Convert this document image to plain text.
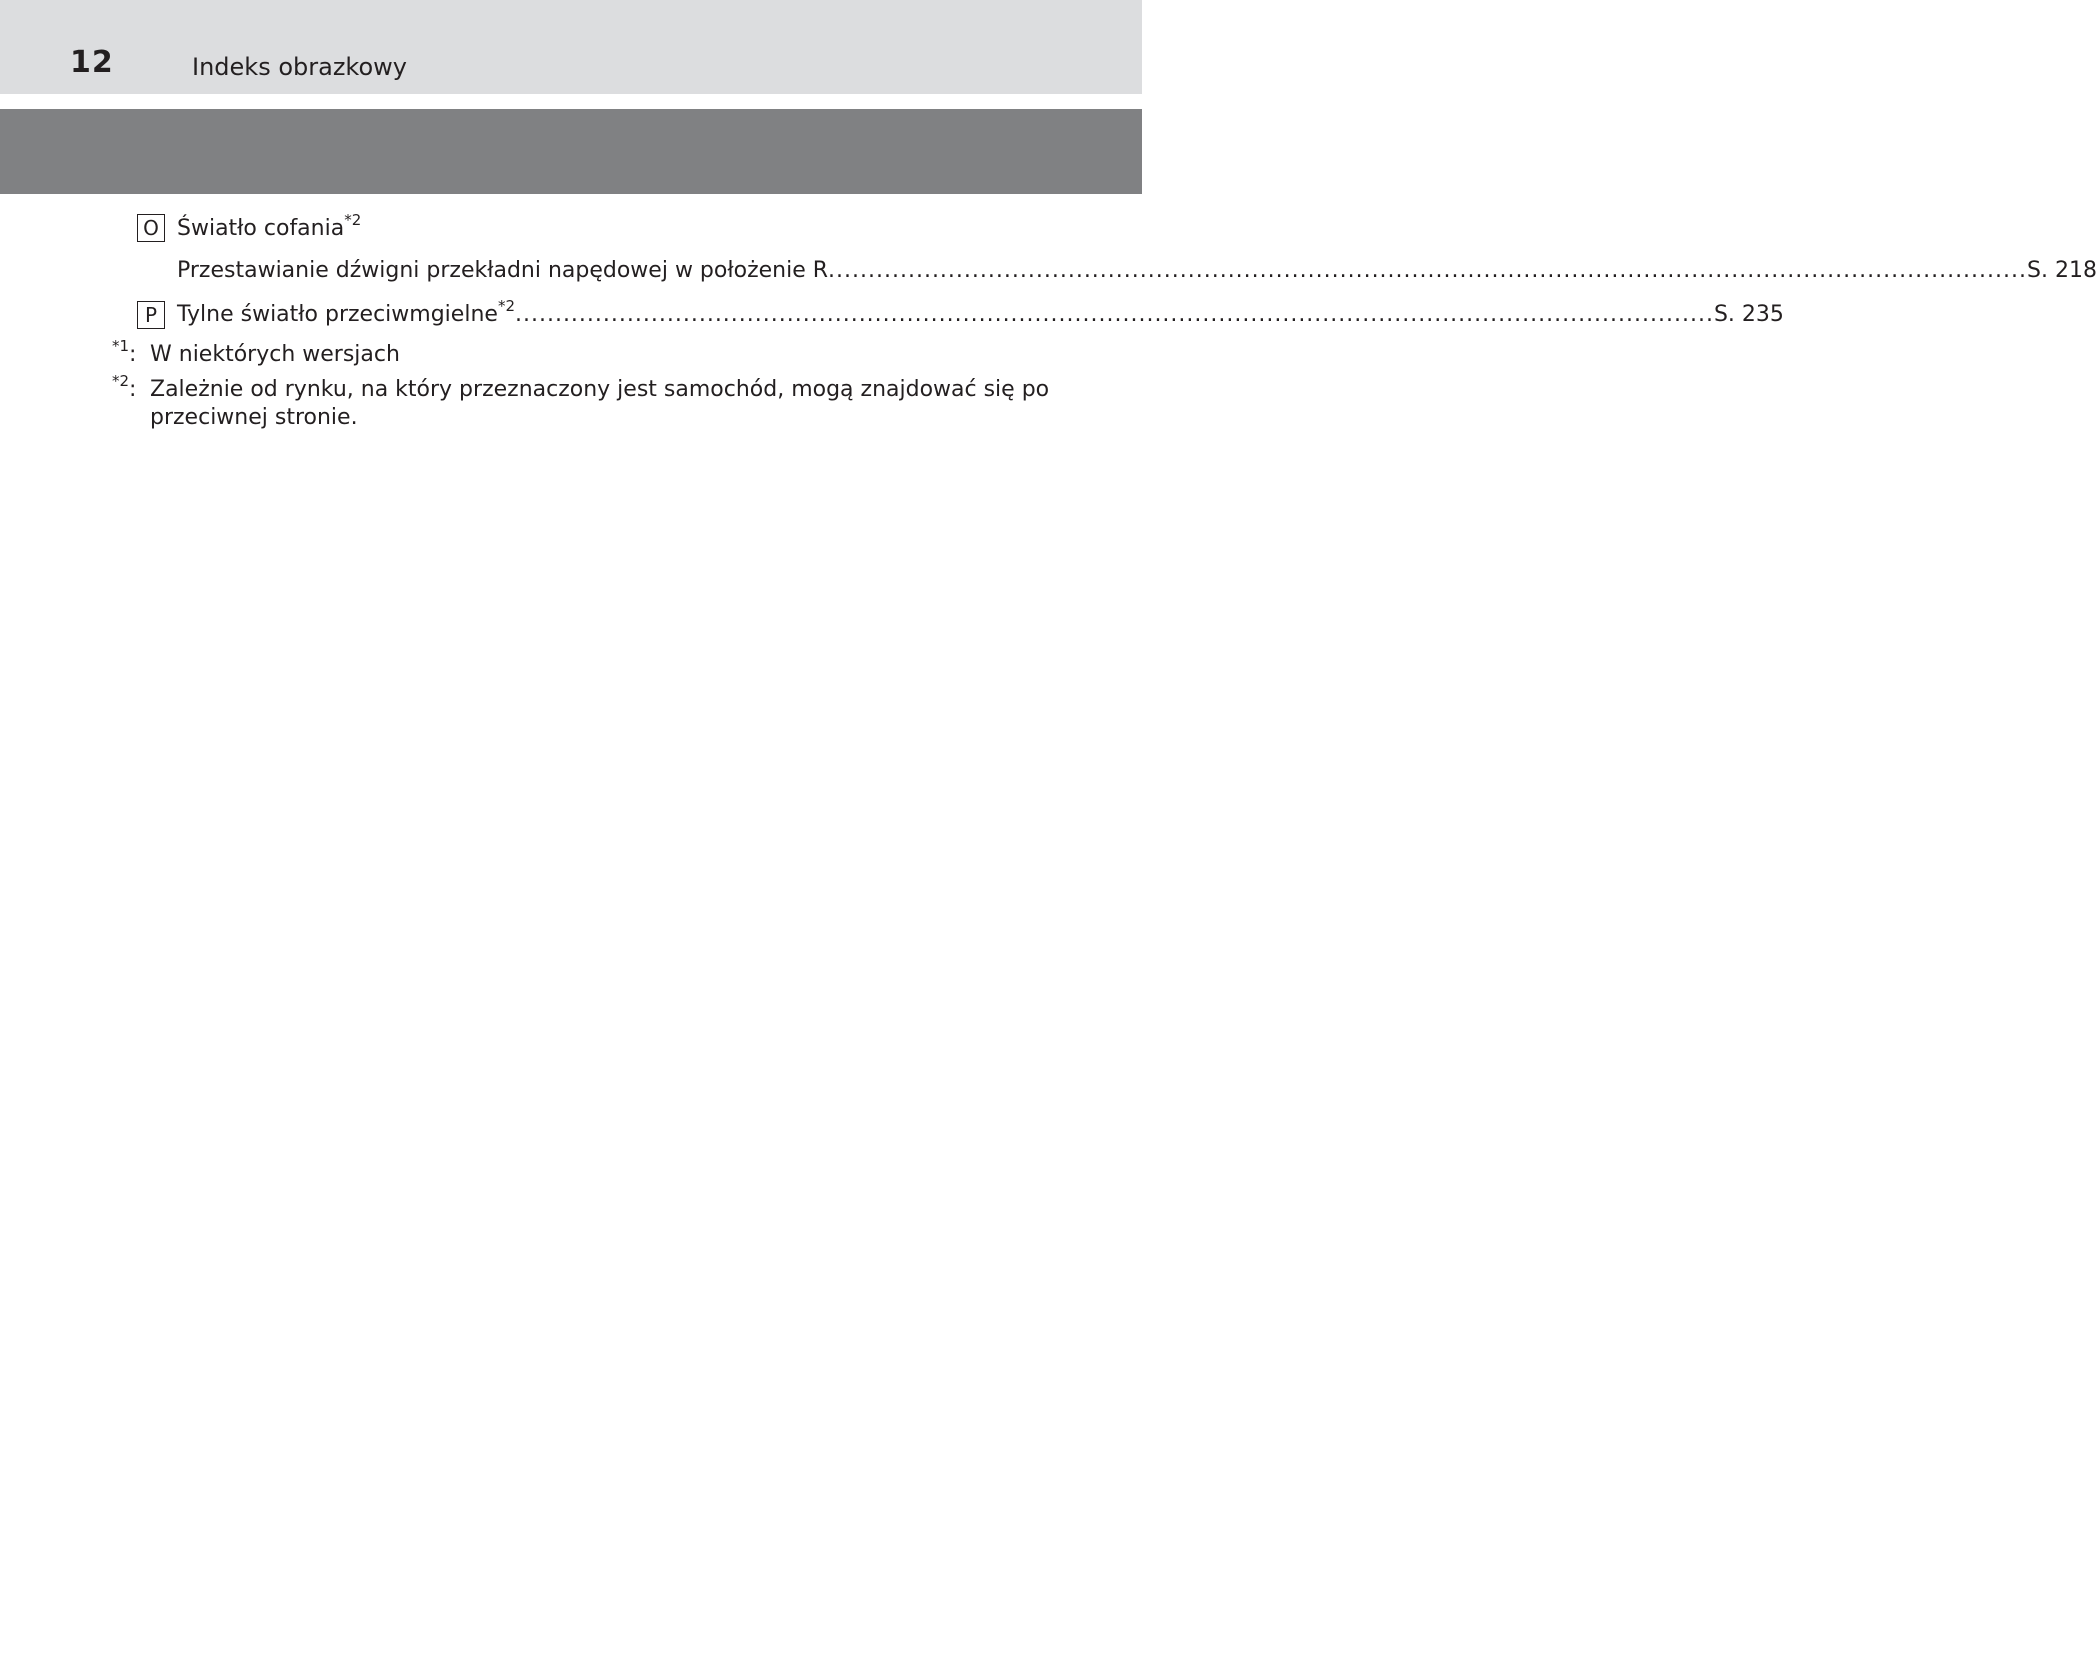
12	Indeks obrazkowy
O Światło cofania$^{*2}$
Przestawianie dźwigni przekładni napędowej w położenie R ...................................................................................................................................................... S. 218
P Tylne światło przeciwmgielne *2 ...................................................................................................................................................... S. 235
$^{*1}$: W niektórych wersjach
$^{*2}$: Zależnie od rynku, na który przeznaczony jest samochód, mogą znajdować się po
przeciwnej stronie.
